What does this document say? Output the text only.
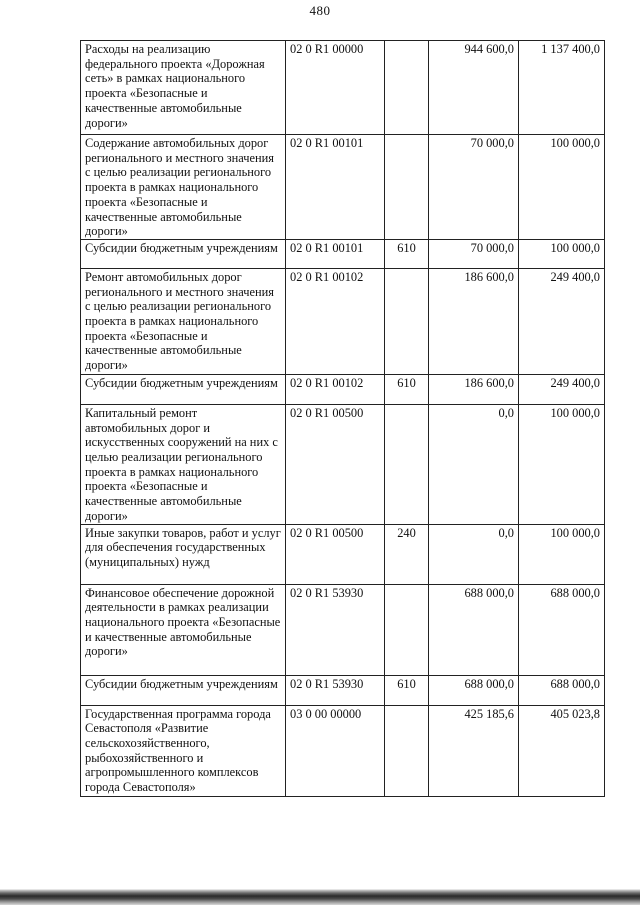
480
Расходы на реализацию федерального проекта «Дорожная сеть» в рамках национального проекта «Безопасные и качественные автомобильные дороги»	02 0 R1 00000		944 600,0	1 137 400,0
Содержание автомобильных дорог регионального и местного значения с целью реализации регионального проекта в рамках национального проекта «Безопасные и качественные автомобильные дороги»	02 0 R1 00101		70 000,0	100 000,0
Субсидии бюджетным учреждениям	02 0 R1 00101	610	70 000,0	100 000,0
Ремонт автомобильных дорог регионального и местного значения с целью реализации регионального проекта в рамках национального проекта «Безопасные и качественные автомобильные дороги»	02 0 R1 00102		186 600,0	249 400,0
Субсидии бюджетным учреждениям	02 0 R1 00102	610	186 600,0	249 400,0
Капитальный ремонт автомобильных дорог и искусственных сооружений на них с целью реализации регионального проекта в рамках национального проекта «Безопасные и качественные автомобильные дороги»	02 0 R1 00500		0,0	100 000,0
Иные закупки товаров, работ и услуг для обеспечения государственных (муниципальных) нужд	02 0 R1 00500	240	0,0	100 000,0
Финансовое обеспечение дорожной деятельности в рамках реализации национального проекта «Безопасные и качественные автомобильные дороги»	02 0 R1 53930		688 000,0	688 000,0
Субсидии бюджетным учреждениям	02 0 R1 53930	610	688 000,0	688 000,0
Государственная программа города Севастополя «Развитие сельскохозяйственного, рыбохозяйственного и агропромышленного комплексов города Севастополя»	03 0 00 00000		425 185,6	405 023,8
